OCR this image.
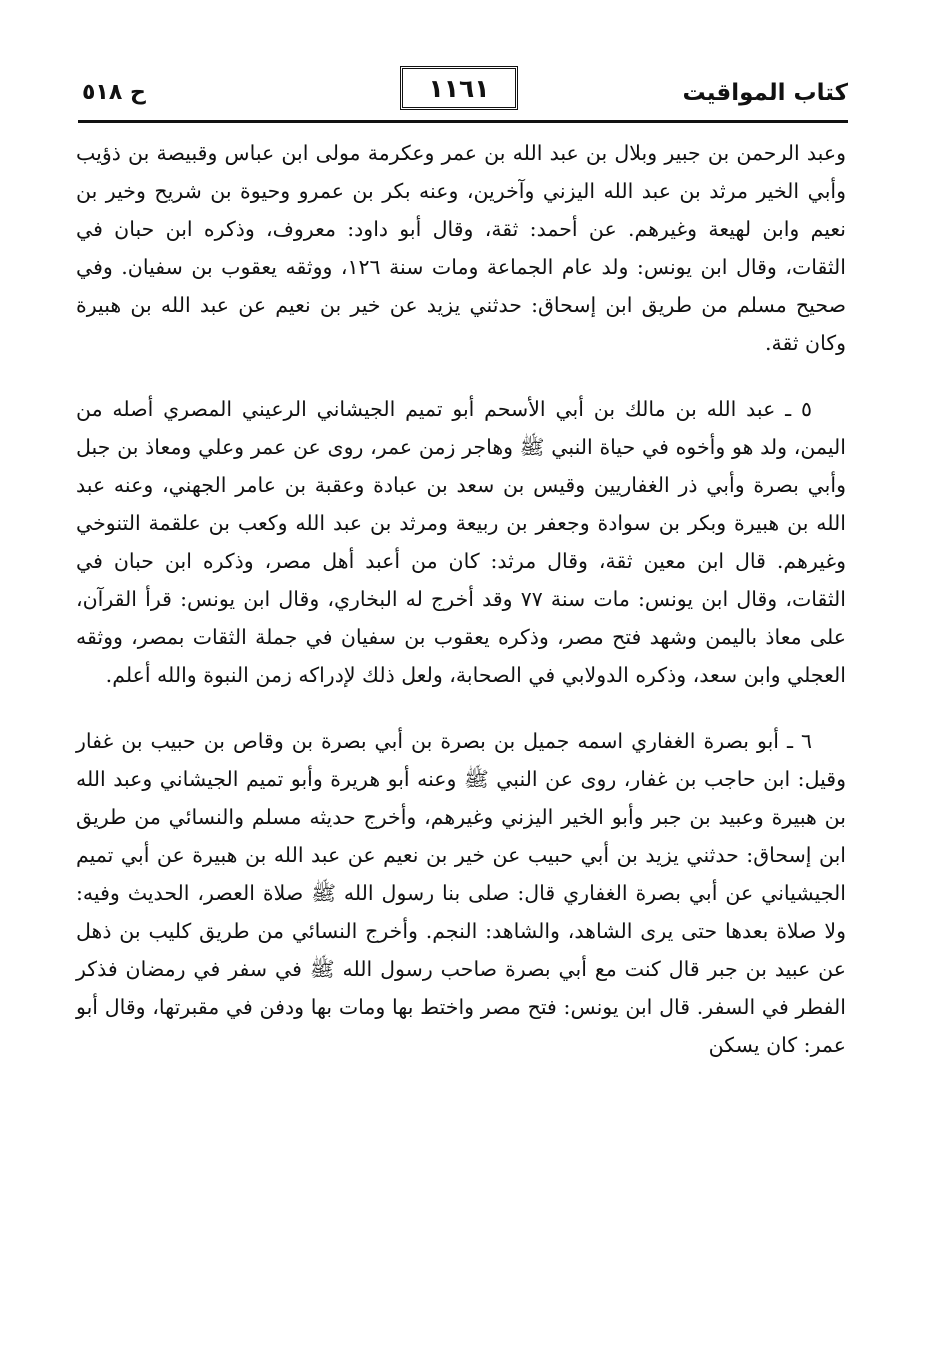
كتاب المواقيت
١١٦١
ح ٥١٨

وعبد الرحمن بن جبير وبلال بن عبد الله بن عمر وعكرمة مولى ابن عباس وقبيصة بن ذؤيب وأبي الخير مرثد بن عبد الله اليزني وآخرين، وعنه بكر بن عمرو وحيوة بن شريح وخير بن نعيم وابن لهيعة وغيرهم. عن أحمد: ثقة، وقال أبو داود: معروف، وذكره ابن حبان في الثقات، وقال ابن يونس: ولد عام الجماعة ومات سنة ١٢٦، ووثقه يعقوب بن سفيان. وفي صحيح مسلم من طريق ابن إسحاق: حدثني يزيد عن خير بن نعيم عن عبد الله بن هبيرة وكان ثقة.

٥ ـ عبد الله بن مالك بن أبي الأسحم أبو تميم الجيشاني الرعيني المصري أصله من اليمن، ولد هو وأخوه في حياة النبي ﷺ وهاجر زمن عمر، روى عن عمر وعلي ومعاذ بن جبل وأبي بصرة وأبي ذر الغفاريين وقيس بن سعد بن عبادة وعقبة بن عامر الجهني، وعنه عبد الله بن هبيرة وبكر بن سوادة وجعفر بن ربيعة ومرثد بن عبد الله وكعب بن علقمة التنوخي وغيرهم. قال ابن معين ثقة، وقال مرثد: كان من أعبد أهل مصر، وذكره ابن حبان في الثقات، وقال ابن يونس: مات سنة ٧٧ وقد أخرج له البخاري، وقال ابن يونس: قرأ القرآن، على معاذ باليمن وشهد فتح مصر، وذكره يعقوب بن سفيان في جملة الثقات بمصر، ووثقه العجلي وابن سعد، وذكره الدولابي في الصحابة، ولعل ذلك لإدراكه زمن النبوة والله أعلم.

٦ ـ أبو بصرة الغفاري اسمه جميل بن بصرة بن أبي بصرة بن وقاص بن حبيب بن غفار وقيل: ابن حاجب بن غفار، روى عن النبي ﷺ وعنه أبو هريرة وأبو تميم الجيشاني وعبد الله بن هبيرة وعبيد بن جبر وأبو الخير اليزني وغيرهم، وأخرج حديثه مسلم والنسائي من طريق ابن إسحاق: حدثني يزيد بن أبي حبيب عن خير بن نعيم عن عبد الله بن هبيرة عن أبي تميم الجيشياني عن أبي بصرة الغفاري قال: صلى بنا رسول الله ﷺ صلاة العصر، الحديث وفيه: ولا صلاة بعدها حتى يرى الشاهد، والشاهد: النجم. وأخرج النسائي من طريق كليب بن ذهل عن عبيد بن جبر قال كنت مع أبي بصرة صاحب رسول الله ﷺ في سفر في رمضان فذكر الفطر في السفر. قال ابن يونس: فتح مصر واختط بها ومات بها ودفن في مقبرتها، وقال أبو عمر: كان يسكن
